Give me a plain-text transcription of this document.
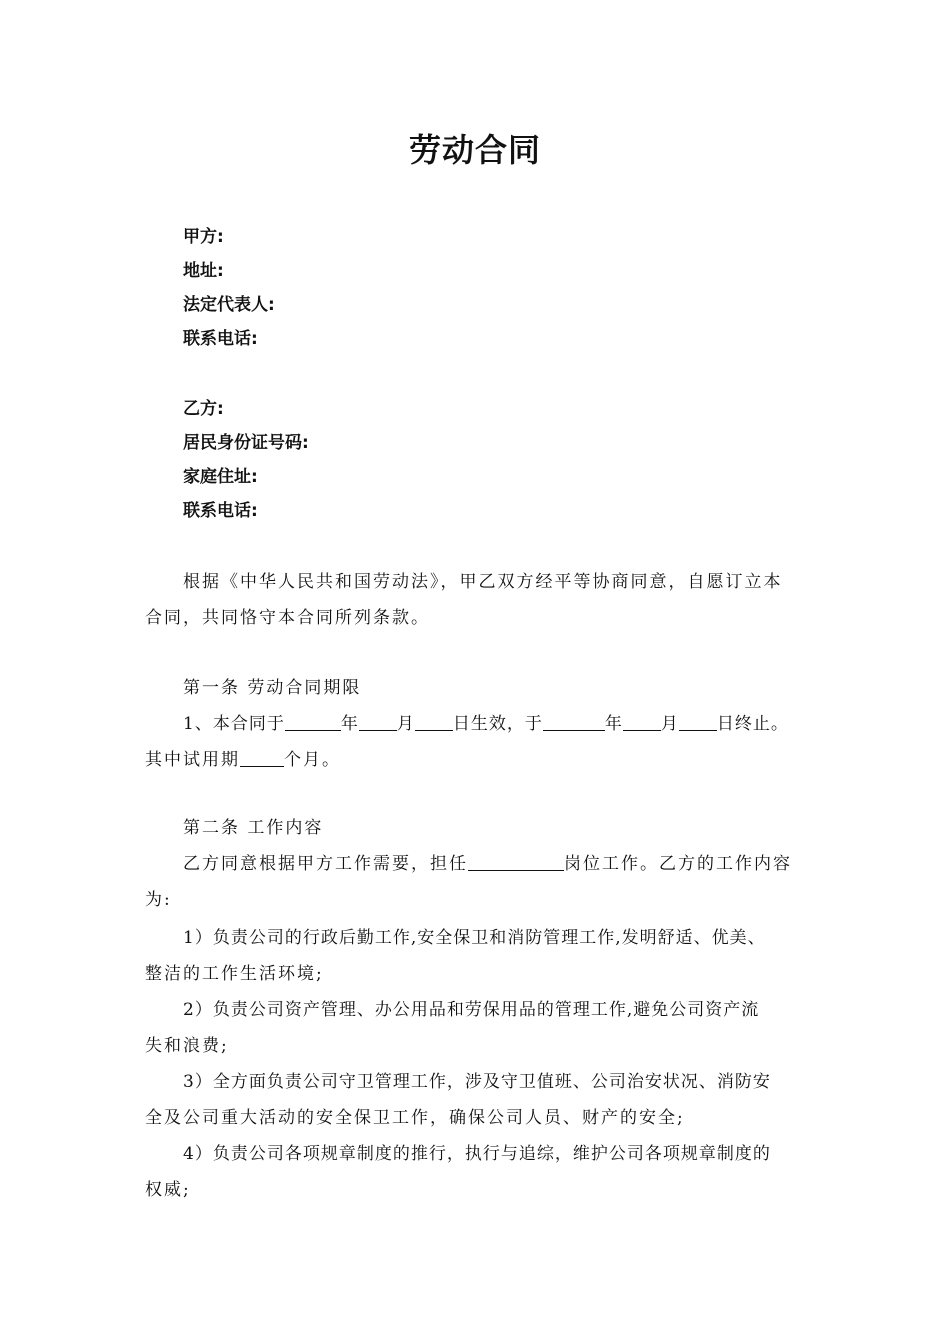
劳动合同
甲方:
地址:
法定代表人:
联系电话:
乙方:
居民身份证号码:
家庭住址:
联系电话:
根据《中华人民共和国劳动法》，甲乙双方经平等协商同意，自愿订立本
合同，共同恪守本合同所列条款。
第一条 劳动合同期限
1、本合同于	年 月 日生效，于	年 月 日终止。
其中试用期	个月。
第二条 工作内容
乙方同意根据甲方工作需要，担任	岗位工作。乙方的工作内容
为:
1）负责公司的行政后勤工作,安全保卫和消防管理工作,发明舒适、优美、
整洁的工作生活环境;
2）负责公司资产管理、办公用品和劳保用品的管理工作,避免公司资产流
失和浪费;
3）全方面负责公司守卫管理工作，涉及守卫值班、公司治安状况、消防安
全及公司重大活动的安全保卫工作，确保公司人员、财产的安全;
4）负责公司各项规章制度的推行，执行与追综，维护公司各项规章制度的
权威;
